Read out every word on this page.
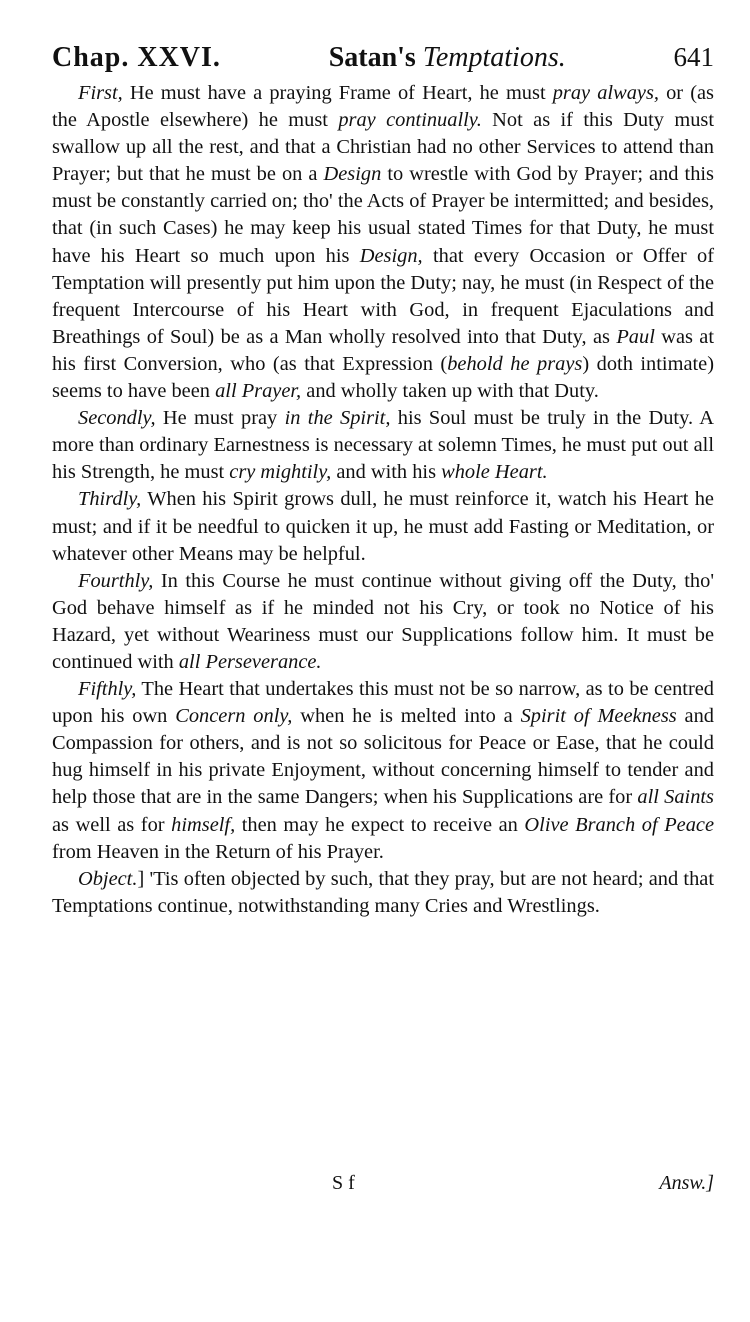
Chap. XXVI.	Satan's Temptations.	641

First, He must have a praying Frame of Heart, he must pray always, or (as the Apostle elsewhere) he must pray continually. Not as if this Duty must swallow up all the rest, and that a Christian had no other Services to attend than Prayer; but that he must be on a Design to wrestle with God by Prayer; and this must be constantly carried on; tho' the Acts of Prayer be intermitted; and besides, that (in such Cases) he may keep his usual stated Times for that Duty, he must have his Heart so much upon his Design, that every Occasion or Offer of Temptation will presently put him upon the Duty; nay, he must (in Respect of the frequent Intercourse of his Heart with God, in frequent Ejaculations and Breathings of Soul) be as a Man wholly resolved into that Duty, as Paul was at his first Conversion, who (as that Expression (behold he prays) doth intimate) seems to have been all Prayer, and wholly taken up with that Duty.

Secondly, He must pray in the Spirit, his Soul must be truly in the Duty. A more than ordinary Earnestness is necessary at solemn Times, he must put out all his Strength, he must cry mightily, and with his whole Heart.

Thirdly, When his Spirit grows dull, he must reinforce it, watch his Heart he must; and if it be needful to quicken it up, he must add Fasting or Meditation, or whatever other Means may be helpful.

Fourthly, In this Course he must continue without giving off the Duty, tho' God behave himself as if he minded not his Cry, or took no Notice of his Hazard, yet without Weariness must our Supplications follow him. It must be continued with all Perseverance.

Fifthly, The Heart that undertakes this must not be so narrow, as to be centred upon his own Concern only, when he is melted into a Spirit of Meekness and Compassion for others, and is not so solicitous for Peace or Ease, that he could hug himself in his private Enjoyment, without concerning himself to tender and help those that are in the same Dangers; when his Supplications are for all Saints as well as for himself, then may he expect to receive an Olive Branch of Peace from Heaven in the Return of his Prayer.

Object.] 'Tis often objected by such, that they pray, but are not heard; and that Temptations continue, notwithstanding many Cries and Wrestlings.

S f	Answ.]
